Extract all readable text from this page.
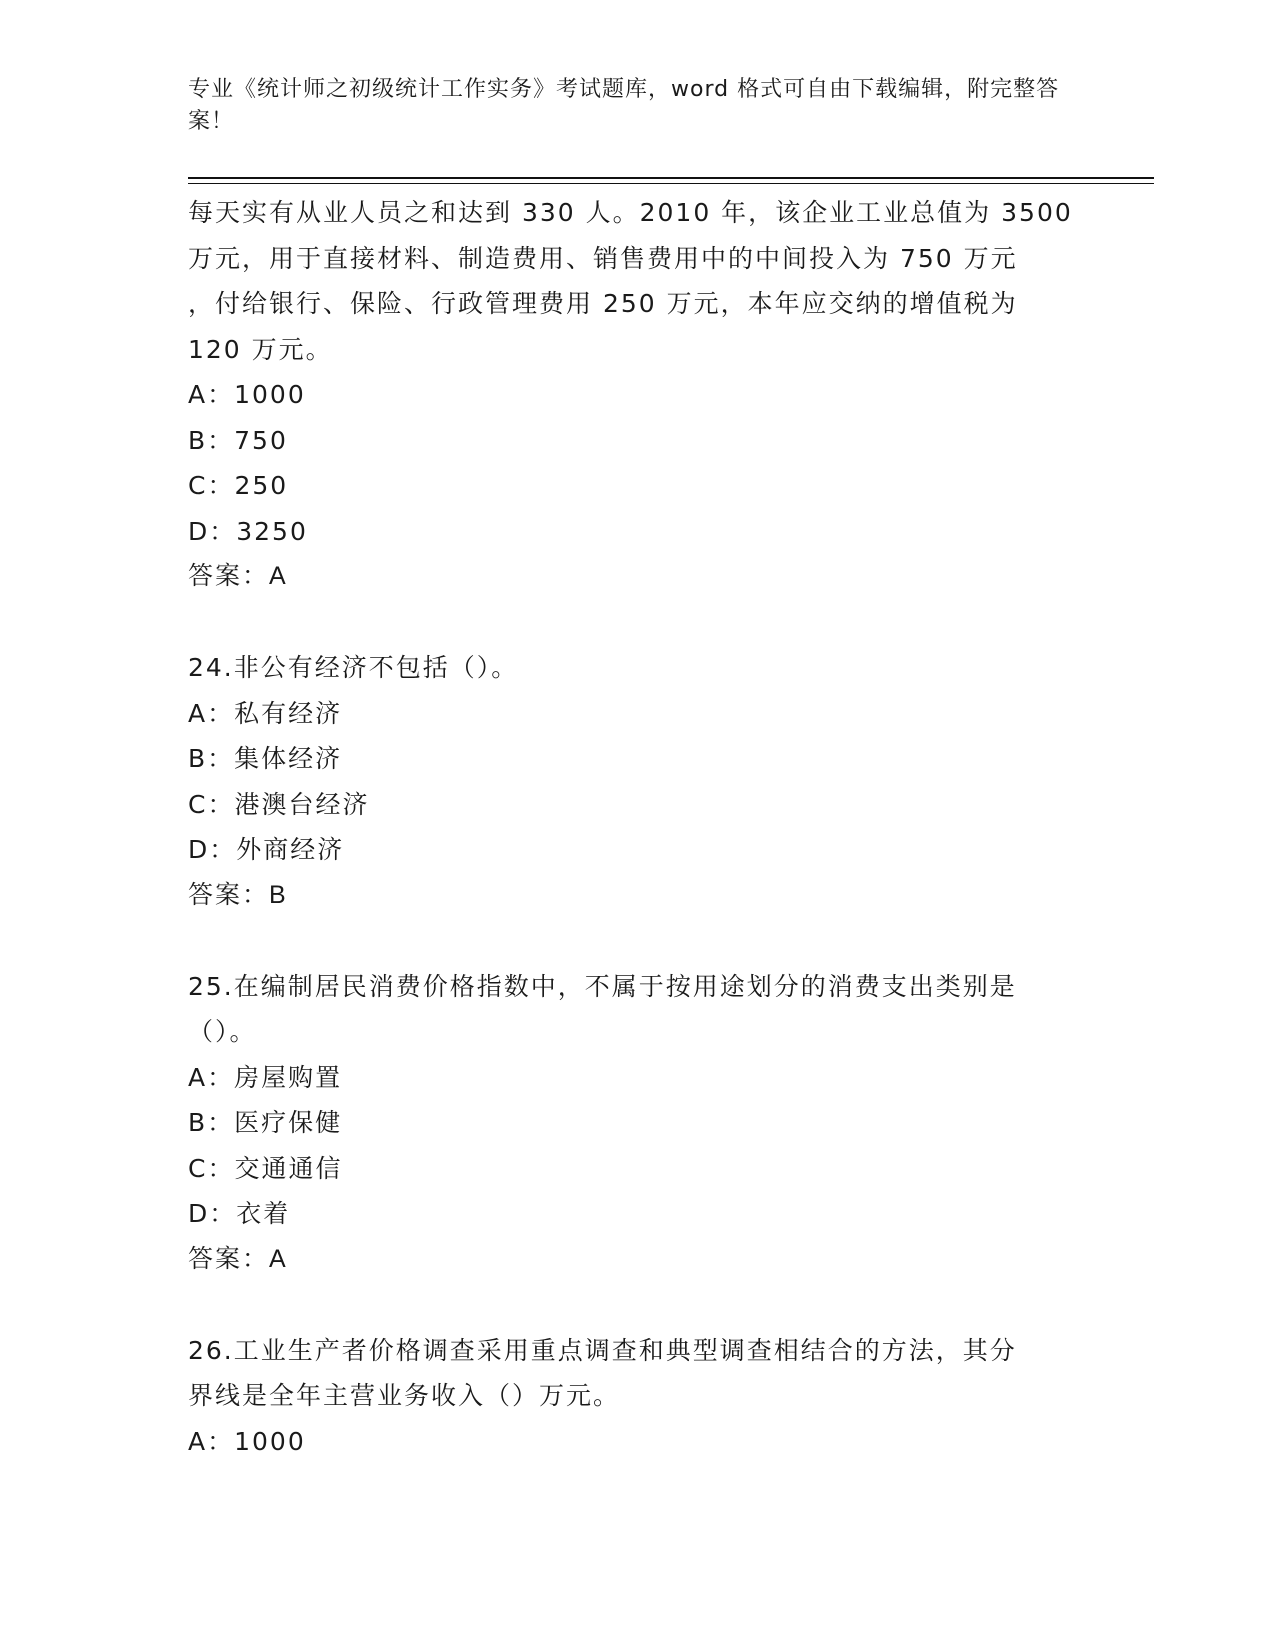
专业《统计师之初级统计工作实务》考试题库，word 格式可自由下载编辑，附完整答案！
每天实有从业人员之和达到 330 人。2010 年，该企业工业总值为 3500
万元，用于直接材料、制造费用、销售费用中的中间投入为 750 万元
，付给银行、保险、行政管理费用 250 万元，本年应交纳的增值税为
120 万元。
A：1000
B：750
C：250
D：3250
答案：A
24.非公有经济不包括（）。
A：私有经济
B：集体经济
C：港澳台经济
D：外商经济
答案：B
25.在编制居民消费价格指数中，不属于按用途划分的消费支出类别是
（）。
A：房屋购置
B：医疗保健
C：交通通信
D：衣着
答案：A
26.工业生产者价格调查采用重点调查和典型调查相结合的方法，其分
界线是全年主营业务收入（）万元。
A：1000
